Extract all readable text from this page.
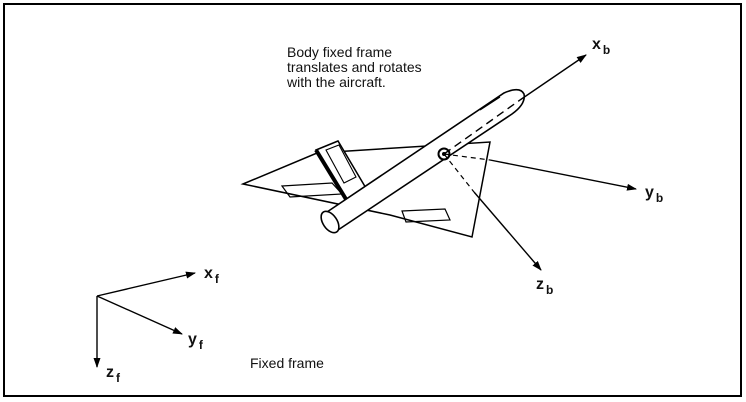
Body fixed frame
translates and rotates
with the aircraft.
x $_b$
y $_b$
z $_b$
x $_f$
y $_f$
z $_f$
Fixed frame
